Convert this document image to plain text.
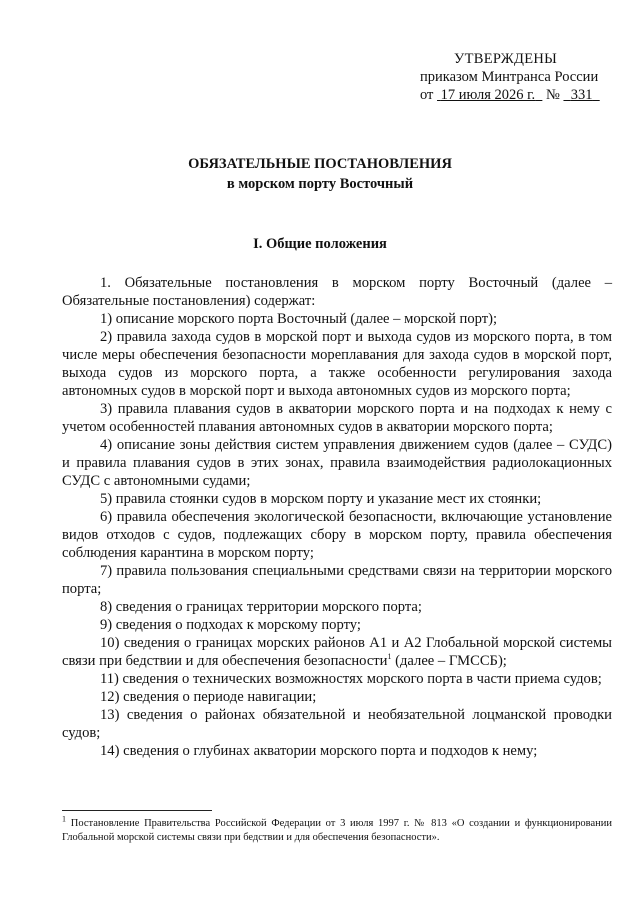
УТВЕРЖДЕНЫ
приказом Минтранса России
от 17 июля 2026 г. № 331
ОБЯЗАТЕЛЬНЫЕ ПОСТАНОВЛЕНИЯ
в морском порту Восточный
I. Общие положения

1. Обязательные постановления в морском порту Восточный (далее – Обязательные постановления) содержат:

1) описание морского порта Восточный (далее – морской порт);

2) правила захода судов в морской порт и выхода судов из морского порта, в том числе меры обеспечения безопасности мореплавания для захода судов в морской порт, выхода судов из морского порта, а также особенности регулирования захода автономных судов в морской порт и выхода автономных судов из морского порта;

3) правила плавания судов в акватории морского порта и на подходах к нему с учетом особенностей плавания автономных судов в акватории морского порта;

4) описание зоны действия систем управления движением судов (далее – СУДС) и правила плавания судов в этих зонах, правила взаимодействия радиолокационных СУДС с автономными судами;

5) правила стоянки судов в морском порту и указание мест их стоянки;

6) правила обеспечения экологической безопасности, включающие установление видов отходов с судов, подлежащих сбору в морском порту, правила обеспечения соблюдения карантина в морском порту;

7) правила пользования специальными средствами связи на территории морского порта;

8) сведения о границах территории морского порта;

9) сведения о подходах к морскому порту;

10) сведения о границах морских районов А1 и А2 Глобальной морской системы связи при бедствии и для обеспечения безопасности$^1$ (далее – ГМССБ);

11) сведения о технических возможностях морского порта в части приема судов;

12) сведения о периоде навигации;

13) сведения о районах обязательной и необязательной лоцманской проводки судов;

14) сведения о глубинах акватории морского порта и подходов к нему;

$^1$ Постановление Правительства Российской Федерации от 3 июля 1997 г. № 813 «О создании и функционировании Глобальной морской системы связи при бедствии и для обеспечения безопасности».
